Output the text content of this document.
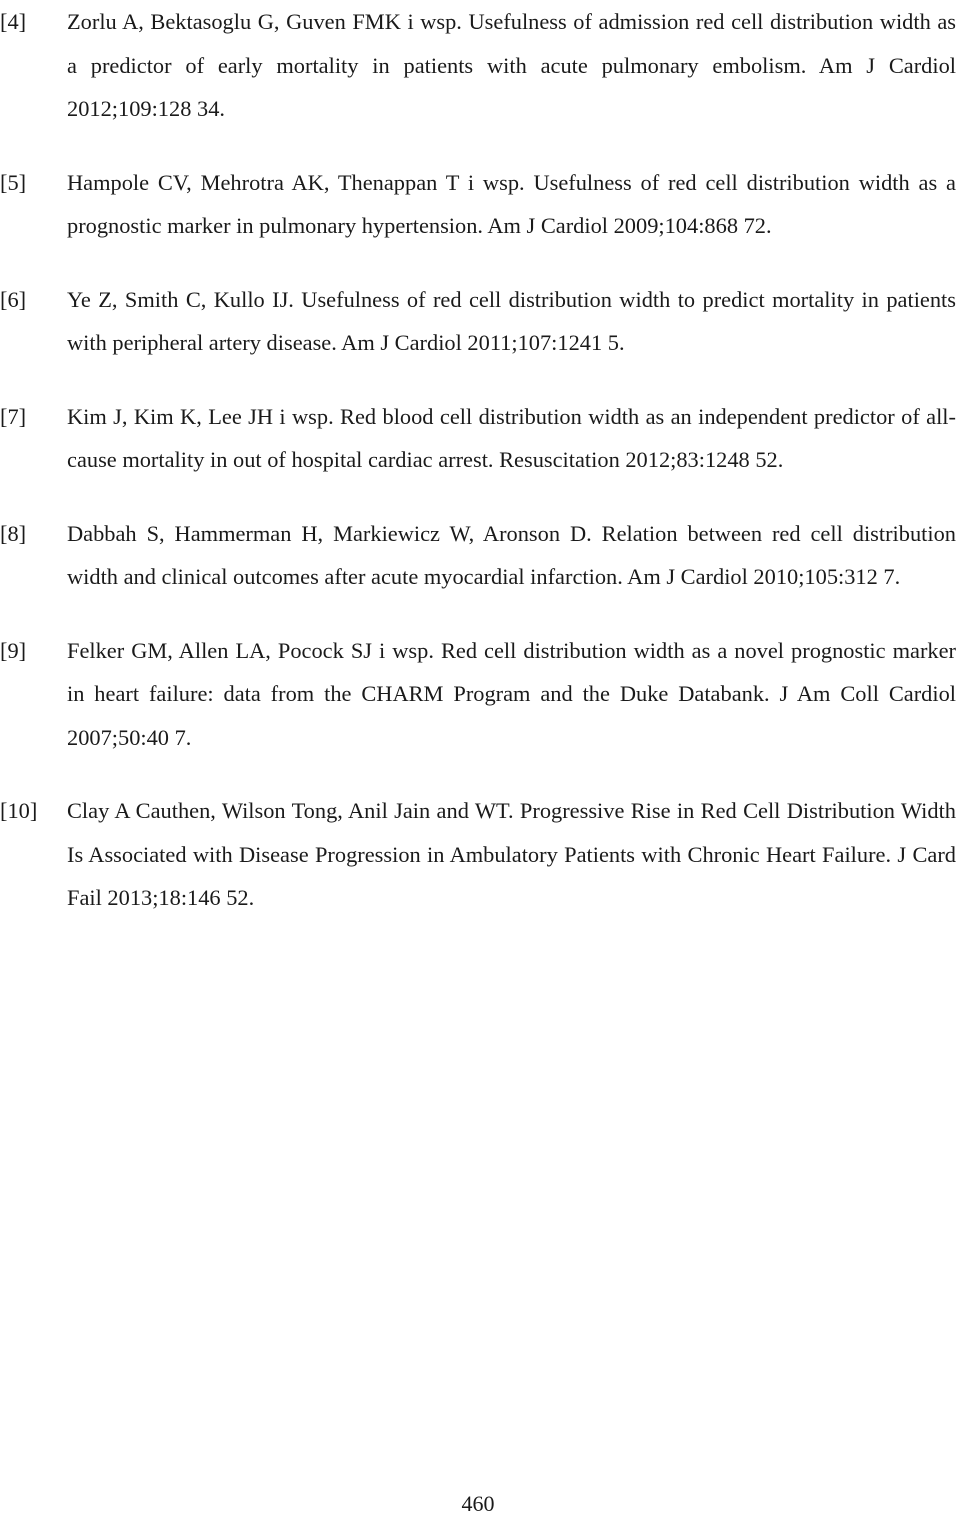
[4] Zorlu A, Bektasoglu G, Guven FMK i wsp. Usefulness of admission red cell distribution width as a predictor of early mortality in patients with acute pulmonary embolism. Am J Cardiol 2012;109:128 34.
[5] Hampole CV, Mehrotra AK, Thenappan T i wsp. Usefulness of red cell distribution width as a prognostic marker in pulmonary hypertension. Am J Cardiol 2009;104:868 72.
[6] Ye Z, Smith C, Kullo IJ. Usefulness of red cell distribution width to predict mortality in patients with peripheral artery disease. Am J Cardiol 2011;107:1241 5.
[7] Kim J, Kim K, Lee JH i wsp. Red blood cell distribution width as an independent predictor of all-cause mortality in out of hospital cardiac arrest. Resuscitation 2012;83:1248 52.
[8] Dabbah S, Hammerman H, Markiewicz W, Aronson D. Relation between red cell distribution width and clinical outcomes after acute myocardial infarction. Am J Cardiol 2010;105:312 7.
[9] Felker GM, Allen LA, Pocock SJ i wsp. Red cell distribution width as a novel prognostic marker in heart failure: data from the CHARM Program and the Duke Databank. J Am Coll Cardiol 2007;50:40 7.
[10] Clay A Cauthen, Wilson Tong, Anil Jain and WT. Progressive Rise in Red Cell Distribution Width Is Associated with Disease Progression in Ambulatory Patients with Chronic Heart Failure. J Card Fail 2013;18:146 52.
460
